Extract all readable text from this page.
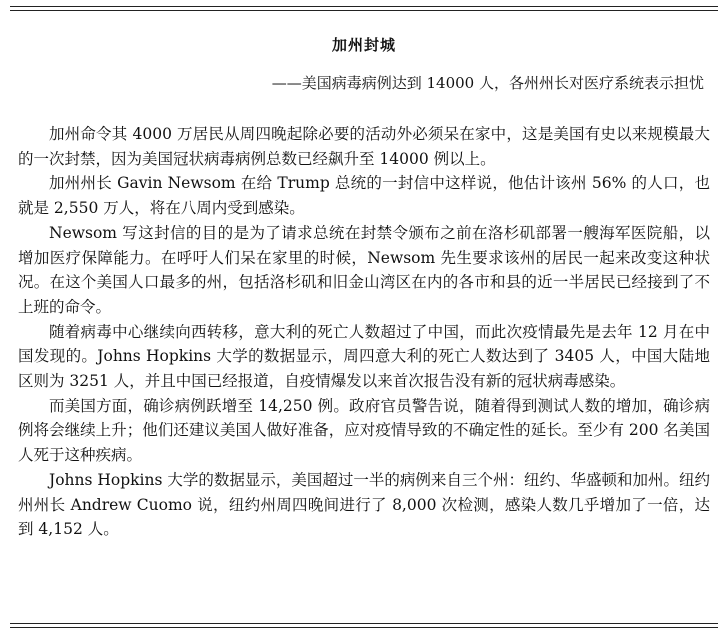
加州封城
——美国病毒病例达到 14000 人，各州州长对医疗系统表示担忧

加州命令其 4000 万居民从周四晚起除必要的活动外必须呆在家中，这是美国有史以来规模最大的一次封禁，因为美国冠状病毒病例总数已经飙升至 14000 例以上。

加州州长 Gavin Newsom 在给 Trump 总统的一封信中这样说，他估计该州 56% 的人口，也就是 2,550 万人，将在八周内受到感染。

Newsom 写这封信的目的是为了请求总统在封禁令颁布之前在洛杉矶部署一艘海军医院船，以增加医疗保障能力。在呼吁人们呆在家里的时候，Newsom 先生要求该州的居民一起来改变这种状况。在这个美国人口最多的州，包括洛杉矶和旧金山湾区在内的各市和县的近一半居民已经接到了不上班的命令。

随着病毒中心继续向西转移，意大利的死亡人数超过了中国，而此次疫情最先是去年 12 月在中国发现的。Johns Hopkins 大学的数据显示，周四意大利的死亡人数达到了 3405 人，中国大陆地区则为 3251 人，并且中国已经报道，自疫情爆发以来首次报告没有新的冠状病毒感染。

而美国方面，确诊病例跃增至 14,250 例。政府官员警告说，随着得到测试人数的增加，确诊病例将会继续上升；他们还建议美国人做好准备，应对疫情导致的不确定性的延长。至少有 200 名美国人死于这种疾病。

Johns Hopkins 大学的数据显示，美国超过一半的病例来自三个州：纽约、华盛顿和加州。纽约州州长 Andrew Cuomo 说，纽约州周四晚间进行了 8,000 次检测，感染人数几乎增加了一倍，达到 4,152 人。
